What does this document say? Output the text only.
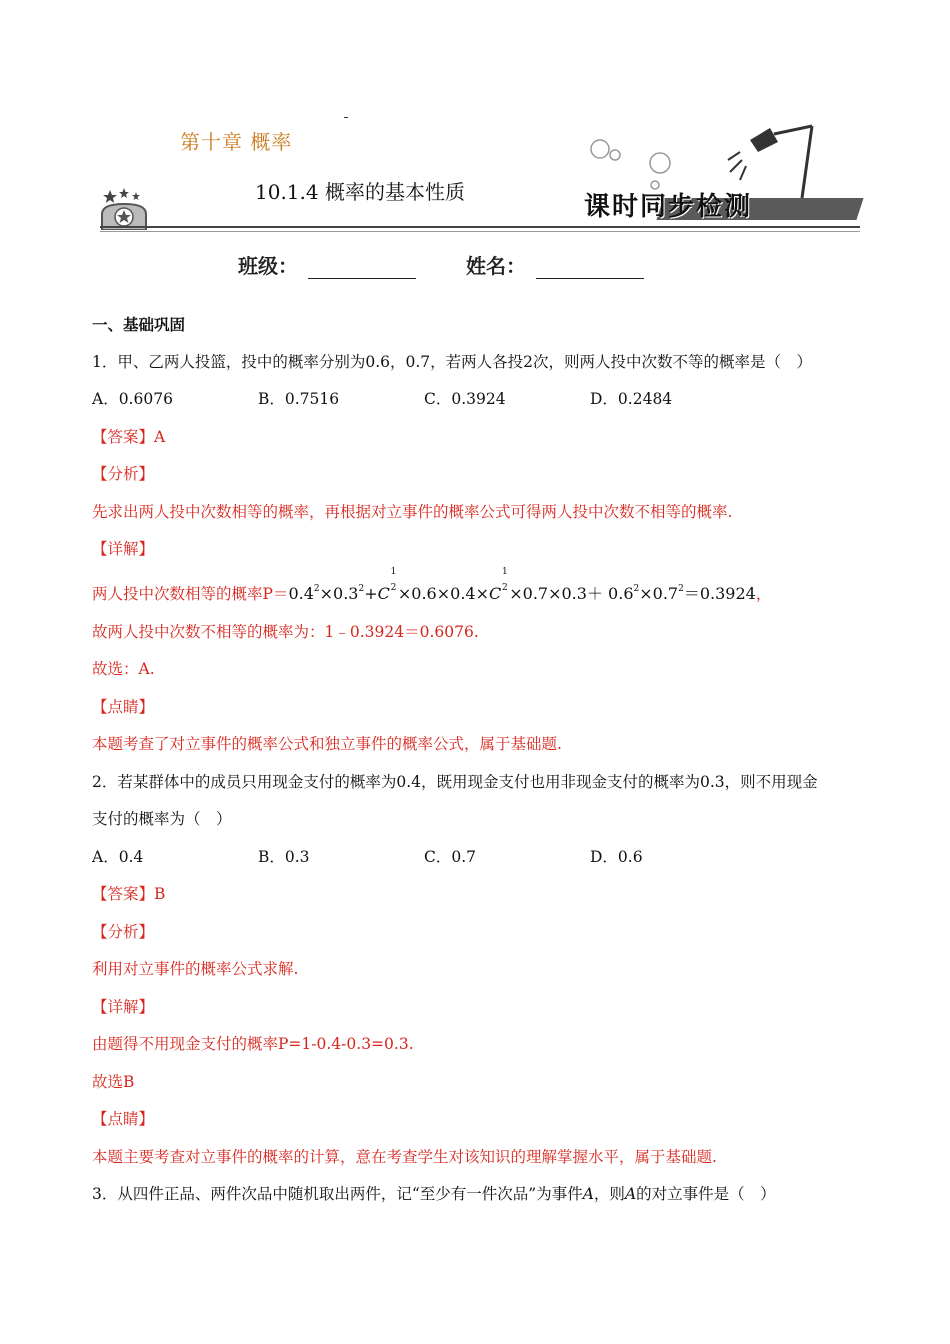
第十章 概率
10.1.4 概率的基本性质	课时同步检测
班级：	姓名：

一、基础巩固

1．甲、乙两人投篮，投中的概率分别为0.6，0.7，若两人各投2次，则两人投中次数不等的概率是（　）

A．0.6076	B．0.7516	C．0.3924	D．0.2484

【答案】A

【分析】

先求出两人投中次数相等的概率，再根据对立事件的概率公式可得两人投中次数不相等的概率.

【详解】

两人投中次数相等的概率$P=0.4^2\times 0.3^2+C$
1
2 ×0.6×0.4×C
1
$2 \times 0.7\times 0.3+ 0.6^2\times 0.7^2=0.3924$，

故两人投中次数不相等的概率为：1﹣0.3924＝0.6076.

故选：A.

【点睛】

本题考查了对立事件的概率公式和独立事件的概率公式，属于基础题.

2．若某群体中的成员只用现金支付的概率为0.4，既用现金支付也用非现金支付的概率为0.3，则不用现金

支付的概率为（　）

A．0.4	B．0.3	C．0.7	D．0.6

【答案】B

【分析】

利用对立事件的概率公式求解.

【详解】

由题得不用现金支付的概率P=1-0.4-0.3=0.3.

故选B

【点睛】

本题主要考查对立事件的概率的计算，意在考查学生对该知识的理解掌握水平，属于基础题.

3．从四件正品、两件次品中随机取出两件，记“至少有一件次品”为事件A，则A的对立事件是（　）
